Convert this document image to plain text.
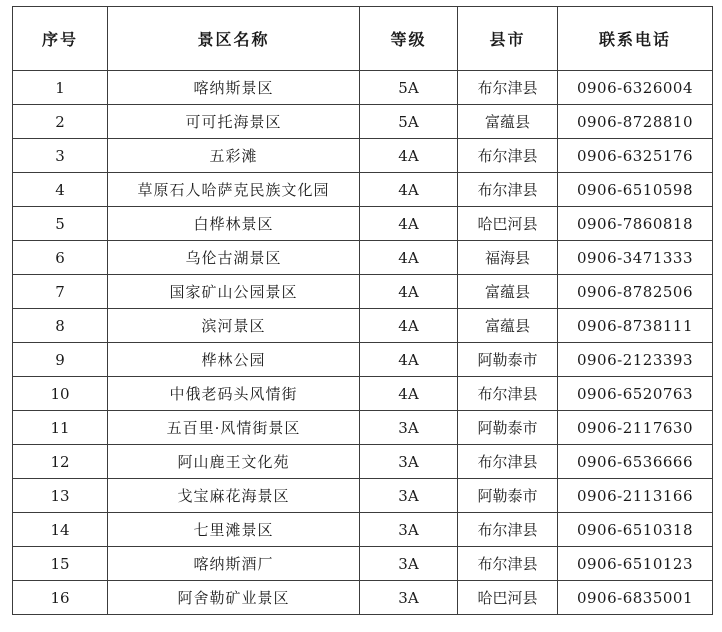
序号	景区名称	等级	县市	联系电话
1	喀纳斯景区	5A	布尔津县	0906-6326004
2	可可托海景区	5A	富蕴县	0906-8728810
3	五彩滩	4A	布尔津县	0906-6325176
4	草原石人哈萨克民族文化园	4A	布尔津县	0906-6510598
5	白桦林景区	4A	哈巴河县	0906-7860818
6	乌伦古湖景区	4A	福海县	0906-3471333
7	国家矿山公园景区	4A	富蕴县	0906-8782506
8	滨河景区	4A	富蕴县	0906-8738111
9	桦林公园	4A	阿勒泰市	0906-2123393
10	中俄老码头风情街	4A	布尔津县	0906-6520763
11	五百里·风情街景区	3A	阿勒泰市	0906-2117630
12	阿山鹿王文化苑	3A	布尔津县	0906-6536666
13	戈宝麻花海景区	3A	阿勒泰市	0906-2113166
14	七里滩景区	3A	布尔津县	0906-6510318
15	喀纳斯酒厂	3A	布尔津县	0906-6510123
16	阿舍勒矿业景区	3A	哈巴河县	0906-6835001
